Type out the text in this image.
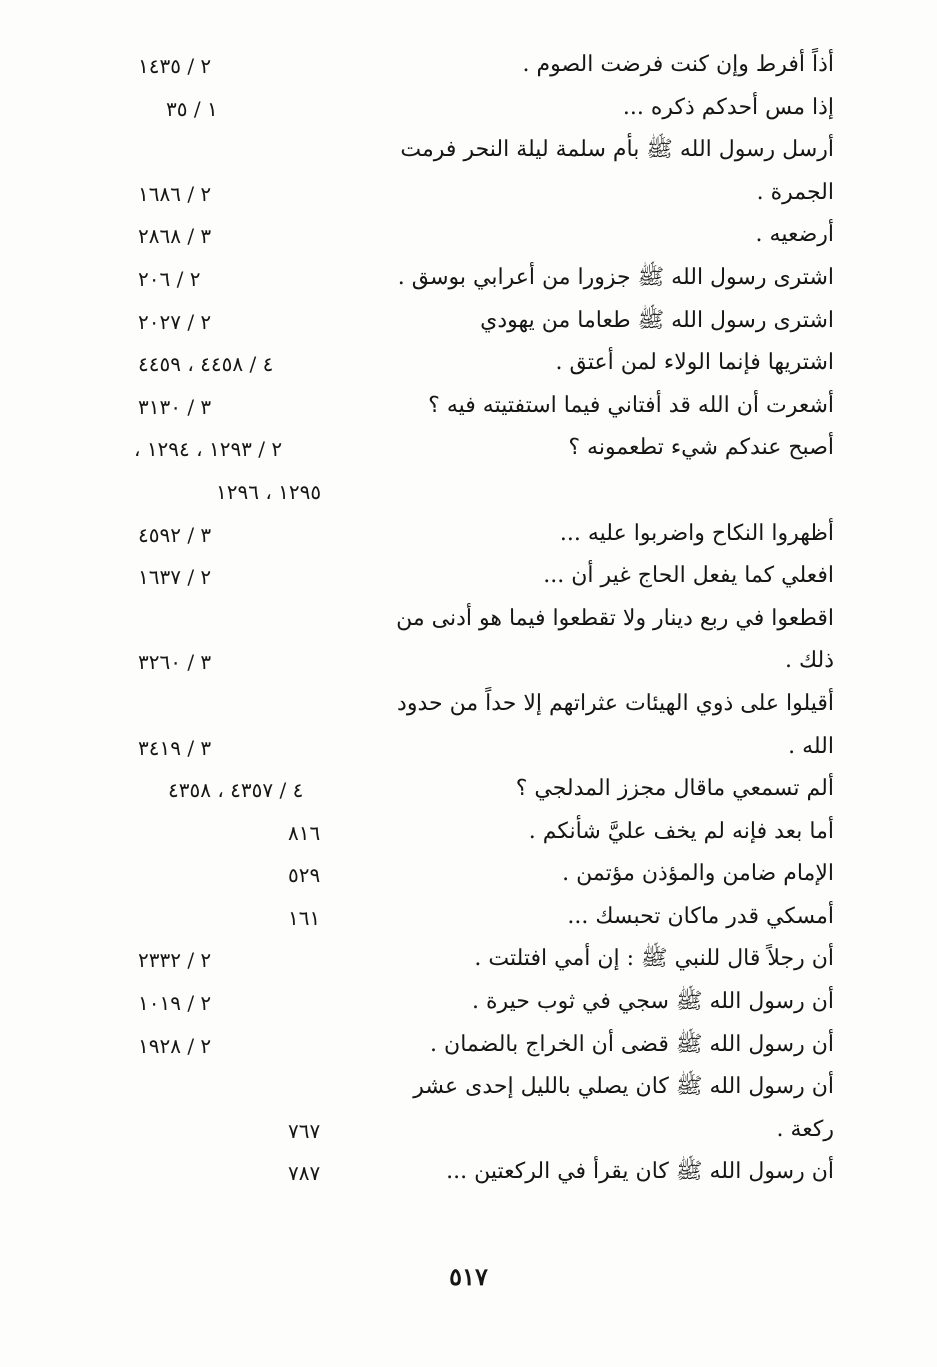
أذاً أفرط وإن كنت فرضت الصوم .
٢ / ١٤٣٥
إذا مس أحدكم ذكره ...
١ / ٣٥
أرسل رسول الله ﷺ بأم سلمة ليلة النحر فرمت
الجمرة .
٢ / ١٦٨٦
أرضعيه .
٣ / ٢٨٦٨
اشترى رسول الله ﷺ جزورا من أعرابي بوسق .
٢ / ٢٠٦
اشترى رسول الله ﷺ طعاما من يهودي
٢ / ٢٠٢٧
اشتريها فإنما الولاء لمن أعتق .
٤ / ٤٤٥٨ ، ٤٤٥٩
أشعرت أن الله قد أفتاني فيما استفتيته فيه ؟
٣ / ٣١٣٠
أصبح عندكم شيء تطعمونه ؟
٢ / ١٢٩٣ ، ١٢٩٤ ،
١٢٩٥ ، ١٢٩٦
أظهروا النكاح واضربوا عليه ...
٣ / ٤٥٩٢
افعلي كما يفعل الحاج غير أن ...
٢ / ١٦٣٧
اقطعوا في ربع دينار ولا تقطعوا فيما هو أدنى من
ذلك .
٣ / ٣٢٦٠
أقيلوا على ذوي الهيئات عثراتهم إلا حداً من حدود
الله .
٣ / ٣٤١٩
ألم تسمعي ماقال مجزز المدلجي ؟
٤ / ٤٣٥٧ ، ٤٣٥٨
أما بعد فإنه لم يخف عليَّ شأنكم .
٨١٦
الإمام ضامن والمؤذن مؤتمن .
٥٢٩
أمسكي قدر ماكان تحبسك ...
١٦١
أن رجلاً قال للنبي ﷺ : إن أمي افتلتت .
٢ / ٢٣٣٢
أن رسول الله ﷺ سجي في ثوب حيرة .
٢ / ١٠١٩
أن رسول الله ﷺ قضى أن الخراج بالضمان .
٢ / ١٩٢٨
أن رسول الله ﷺ كان يصلي بالليل إحدى عشر
ركعة .
٧٦٧
أن رسول الله ﷺ كان يقرأ في الركعتين ...
٧٨٧
٥١٧
